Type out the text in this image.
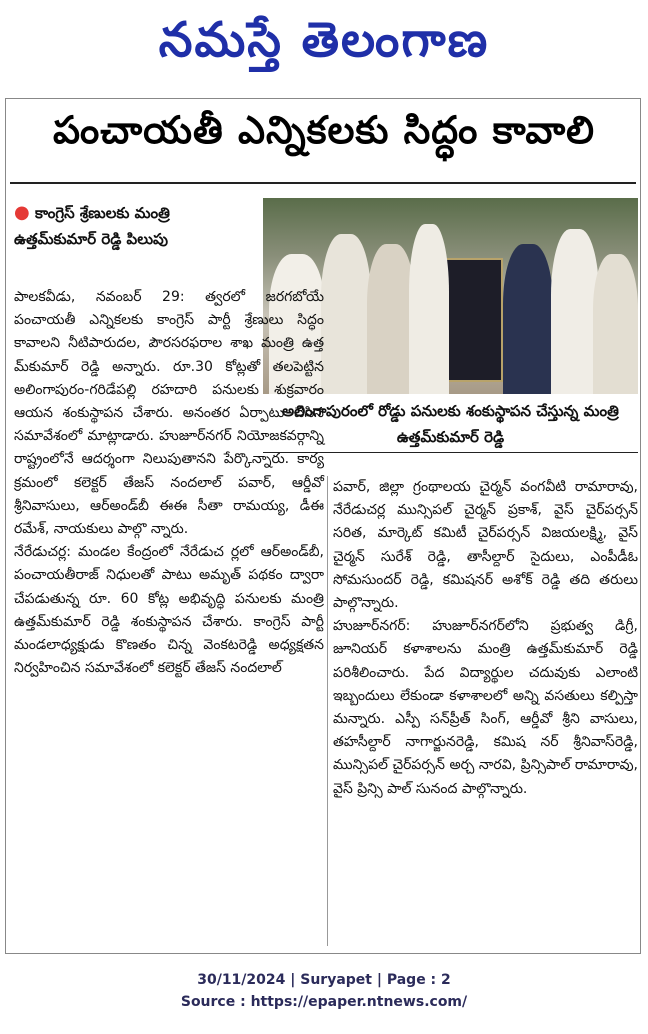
నమస్తే తెలంగాణ
పంచాయతీ ఎన్నికలకు సిద్ధం కావాలి
● కాంగ్రెస్ శ్రేణులకు మంత్రి ఉత్తమ్‌కుమార్ రెడ్డి పిలుపు
అలింగాపురంలో రోడ్డు పనులకు శంకుస్థాపన చేస్తున్న మంత్రి ఉత్తమ్‌కుమార్ రెడ్డి

పాలకవీడు, నవంబర్ 29: త్వరలో జరగబోయే పంచాయతీ ఎన్నికలకు కాంగ్రెస్ పార్టీ శ్రేణులు సిద్ధం కావాలని నీటిపారుదల, పౌరసరఫరాల శాఖ మంత్రి ఉత్త మ్‌కుమార్ రెడ్డి అన్నారు. రూ.30 కోట్లతో తలపెట్టిన అలింగాపురం-గరిడేపల్లి రహదారి పనులకు శుక్రవారం ఆయన శంకుస్థాపన చేశారు. అనంతర ఏర్పాటు చేసిన సమావేశంలో మాట్లాడారు. హుజూర్‌నగర్ నియోజకవర్గాన్ని రాష్ట్రంలోనే ఆదర్శంగా నిలుపుతానని పేర్కొన్నారు. కార్య క్రమంలో కలెక్టర్ తేజస్ నందలాల్ పవార్, ఆర్డీవో శ్రీనివాసులు, ఆర్‌అండ్‌బీ ఈఈ సీతా రామయ్య, డీఈ రమేశ్, నాయకులు పాల్గొ న్నారు.

నేరేడుచర్ల: మండల కేంద్రంలో నేరేడుచ ర్లలో ఆర్‌అండ్‌బీ, పంచాయతీరాజ్ నిధులతో పాటు అమృత్ పథకం ద్వారా చేపడుతున్న రూ. 60 కోట్ల అభివృద్ధి పనులకు మంత్రి ఉత్తమ్‌కుమార్ రెడ్డి శంకుస్థాపన చేశారు. కాంగ్రెస్ పార్టీ మండలాధ్యక్షుడు కొణతం చిన్న వెంకటరెడ్డి అధ్యక్షతన నిర్వహించిన సమావేశంలో కలెక్టర్ తేజస్ నందలాల్

పవార్, జిల్లా గ్రంథాలయ చైర్మన్ వంగవీటి రామారావు, నేరేడుచర్ల మున్సిపల్ చైర్మన్ ప్రకాశ్, వైస్ చైర్‌పర్సన్ సరిత, మార్కెట్ కమిటీ చైర్‌పర్సన్ విజయలక్ష్మి, వైస్ చైర్మన్ సురేశ్ రెడ్డి, తాసీల్దార్ సైదులు, ఎంపీడీఓ సోమసుందర్ రెడ్డి, కమిషనర్ అశోక్ రెడ్డి తది తరులు పాల్గొన్నారు.

హుజూర్‌నగర్: హుజూర్‌నగర్‌లోని ప్రభుత్వ డిగ్రీ, జూనియర్ కళాశాలను మంత్రి ఉత్తమ్‌కుమార్ రెడ్డి పరిశీలించారు. పేద విద్యార్థుల చదువుకు ఎలాంటి ఇబ్బందులు లేకుండా కళాశాలలో అన్ని వసతులు కల్పిస్తా మన్నారు. ఎస్పీ సన్‌ప్రీత్ సింగ్, ఆర్డీవో శ్రీని వాసులు, తహసీల్దార్ నాగార్జునరెడ్డి, కమిష నర్ శ్రీనివాస్‌రెడ్డి, మున్సిపల్ చైర్‌పర్సన్ అర్చ నారవి, ప్రిన్సిపాల్ రామారావు, వైస్ ప్రిన్సి పాల్ సునంద పాల్గొన్నారు.

30/11/2024 | Suryapet | Page : 2
Source : https://epaper.ntnews.com/
